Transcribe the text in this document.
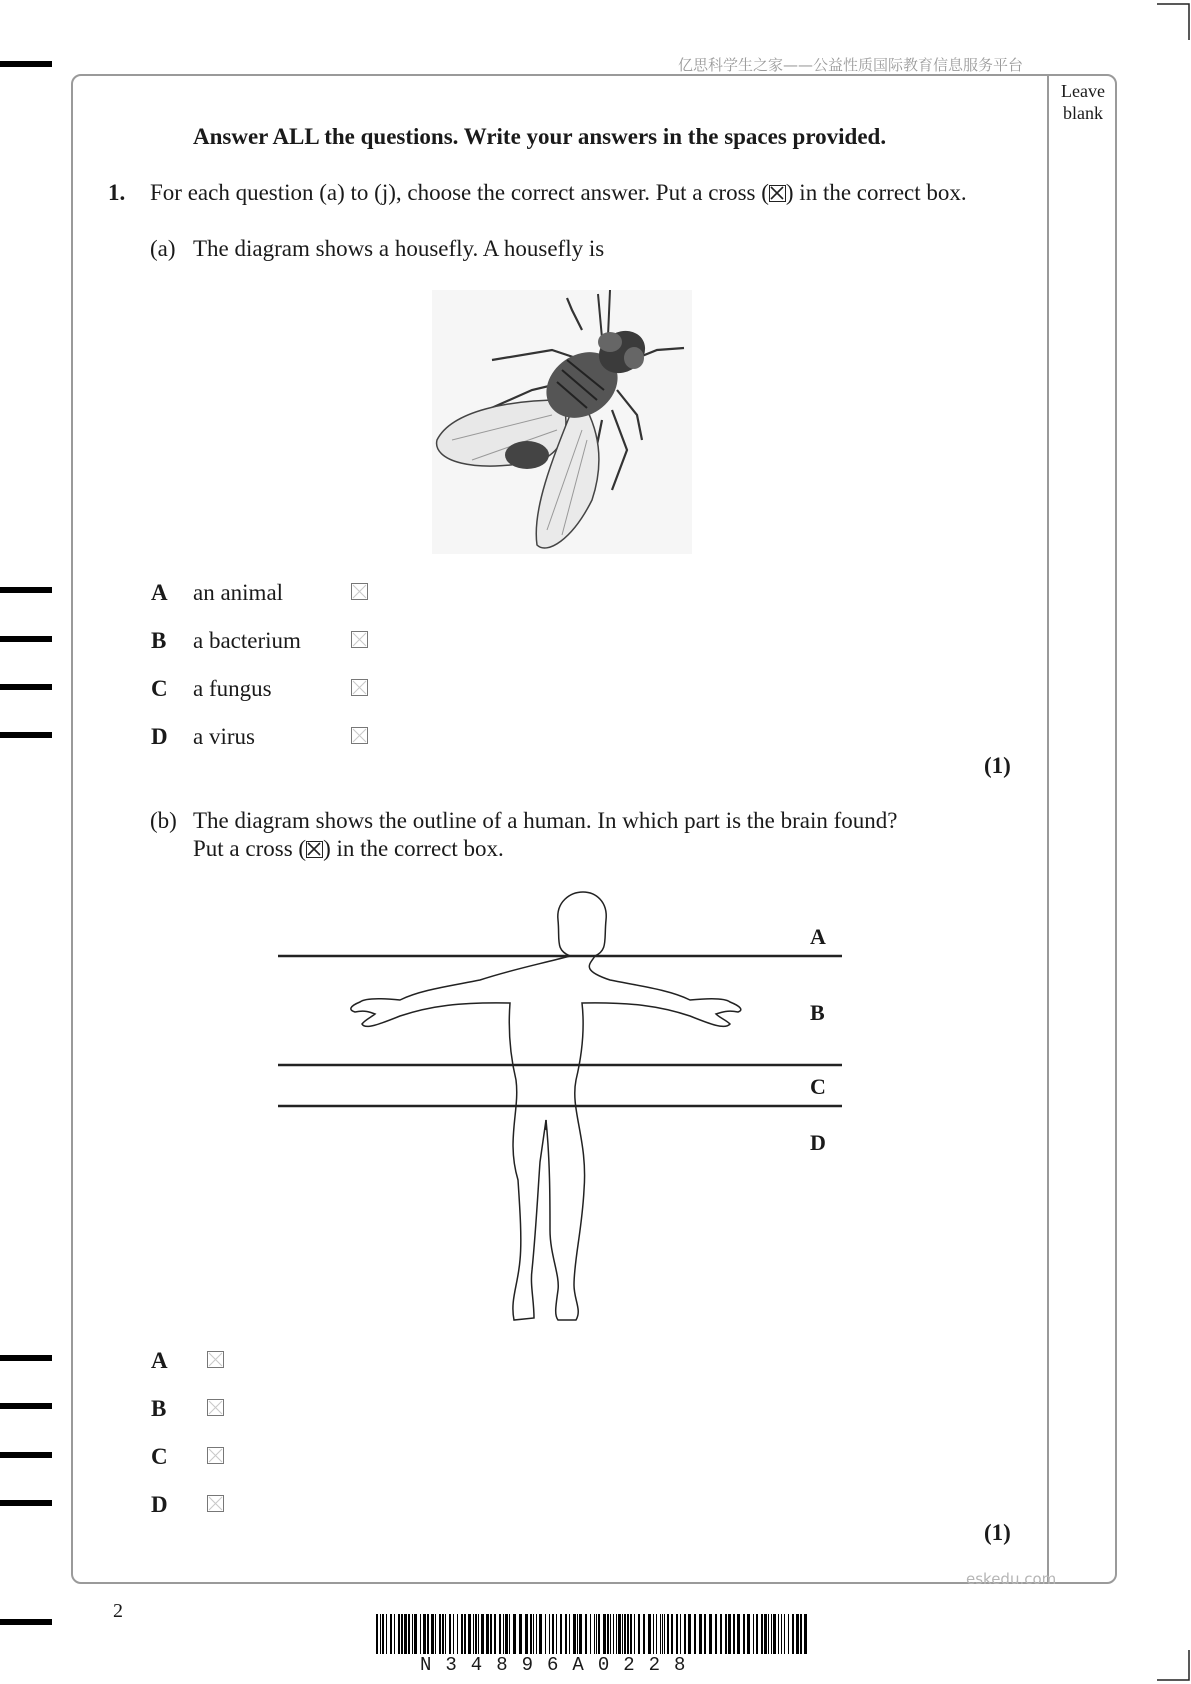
亿思科学生之家——公益性质国际教育信息服务平台
Leave blank
Answer ALL the questions. Write your answers in the spaces provided.
1. For each question (a) to (j), choose the correct answer. Put a cross (☒) in the correct box.
(a) The diagram shows a housefly. A housefly is
A an animal
B a bacterium
C a fungus
D a virus
(1)
(b) The diagram shows the outline of a human. In which part is the brain found?
Put a cross (☒) in the correct box.
A
B
C
D
A
B
C
D
(1)
eskedu.com
2
N34896A0228
